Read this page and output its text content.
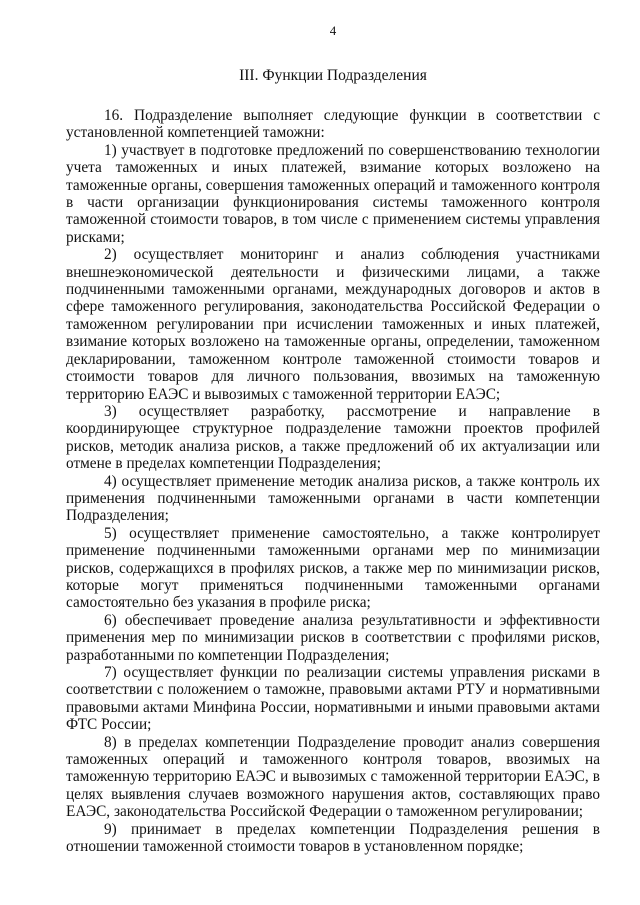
4
III. Функции Подразделения

16. Подразделение выполняет следующие функции в соответствии с установленной компетенцией таможни:

1) участвует в подготовке предложений по совершенствованию технологии учета таможенных и иных платежей, взимание которых возложено на таможенные органы, совершения таможенных операций и таможенного контроля в части организации функционирования системы таможенного контроля таможенной стоимости товаров, в том числе с применением системы управления рисками;

2) осуществляет мониторинг и анализ соблюдения участниками внешнеэкономической деятельности и физическими лицами, а также подчиненными таможенными органами, международных договоров и актов в сфере таможенного регулирования, законодательства Российской Федерации о таможенном регулировании при исчислении таможенных и иных платежей, взимание которых возложено на таможенные органы, определении, таможенном декларировании, таможенном контроле таможенной стоимости товаров и стоимости товаров для личного пользования, ввозимых на таможенную территорию ЕАЭС и вывозимых с таможенной территории ЕАЭС;

3) осуществляет разработку, рассмотрение и направление в координирующее структурное подразделение таможни проектов профилей рисков, методик анализа рисков, а также предложений об их актуализации или отмене в пределах компетенции Подразделения;

4) осуществляет применение методик анализа рисков, а также контроль их применения подчиненными таможенными органами в части компетенции Подразделения;

5) осуществляет применение самостоятельно, а также контролирует применение подчиненными таможенными органами мер по минимизации рисков, содержащихся в профилях рисков, а также мер по минимизации рисков, которые могут применяться подчиненными таможенными органами самостоятельно без указания в профиле риска;

6) обеспечивает проведение анализа результативности и эффективности применения мер по минимизации рисков в соответствии с профилями рисков, разработанными по компетенции Подразделения;

7) осуществляет функции по реализации системы управления рисками в соответствии с положением о таможне, правовыми актами РТУ и нормативными правовыми актами Минфина России, нормативными и иными правовыми актами ФТС России;

8) в пределах компетенции Подразделение проводит анализ совершения таможенных операций и таможенного контроля товаров, ввозимых на таможенную территорию ЕАЭС и вывозимых с таможенной территории ЕАЭС, в целях выявления случаев возможного нарушения актов, составляющих право ЕАЭС, законодательства Российской Федерации о таможенном регулировании;

9) принимает в пределах компетенции Подразделения решения в отношении таможенной стоимости товаров в установленном порядке;
